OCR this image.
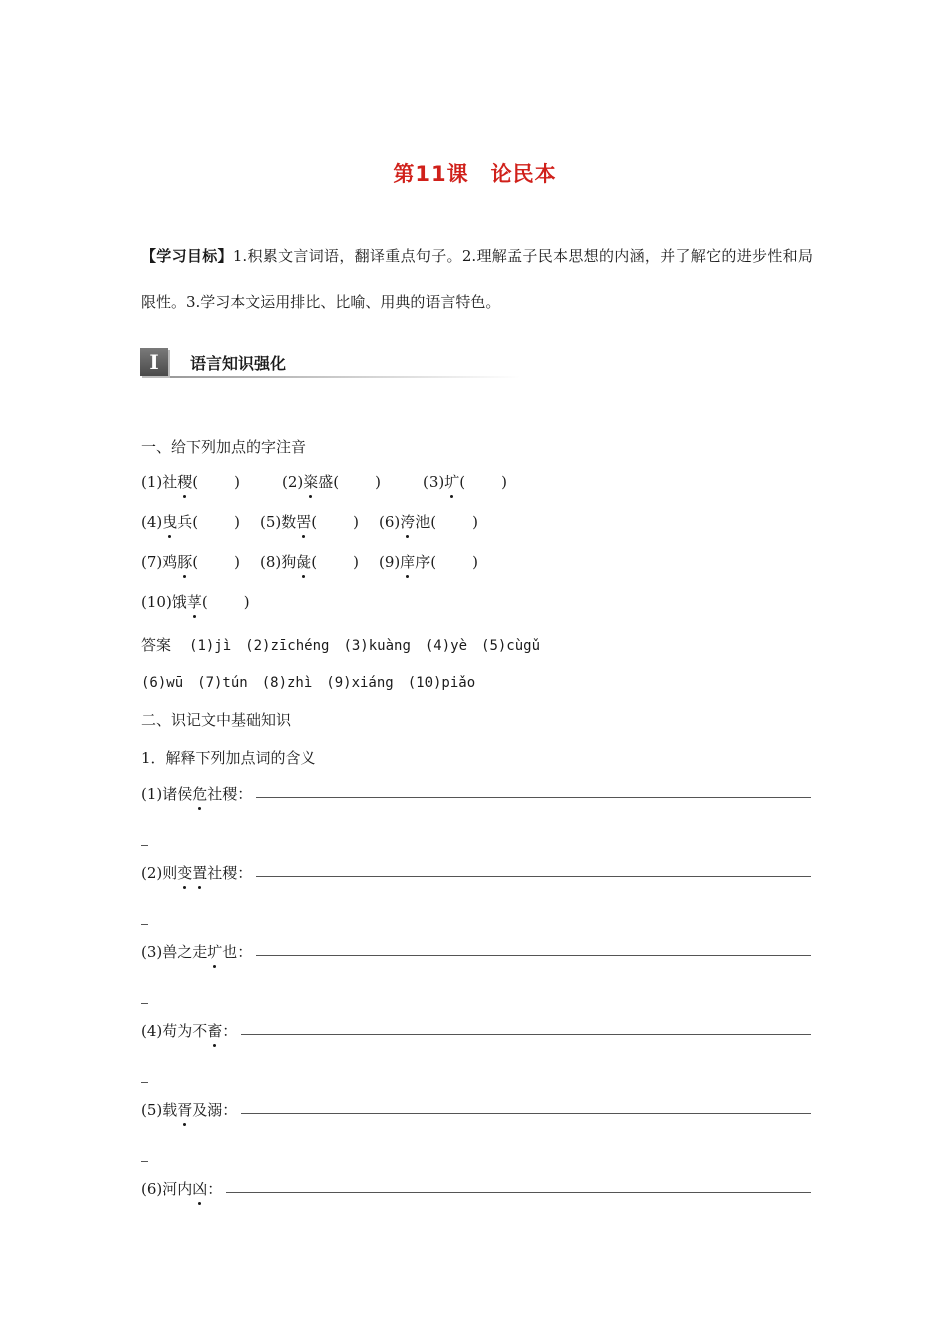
第11课　论民本
【学习目标】1.积累文言词语，翻译重点句子。2.理解孟子民本思想的内涵，并了解它的进步性和局限性。3.学习本文运用排比、比喻、用典的语言特色。
I	语言知识强化
一、给下列加点的字注音
(1)社稷( )	(2)粢盛( )	(3)圹( )
(4)曳兵( ) (5)数罟( ) (6)洿池( )
(7)鸡豚( ) (8)狗彘( ) (9)庠序( )
(10)饿莩( )
答案 (1)jì　(2)zīchéng　(3)kuàng　(4)yè　(5)cùgǔ
(6)wū　(7)tún　(8)zhì　(9)xiáng　(10)piǎo
二、识记文中基础知识
1．解释下列加点词的含义
(1)诸侯危社稷：
(2)则变置社稷：
(3)兽之走圹也：
(4)苟为不畜：
(5)载胥及溺：
(6)河内凶：
